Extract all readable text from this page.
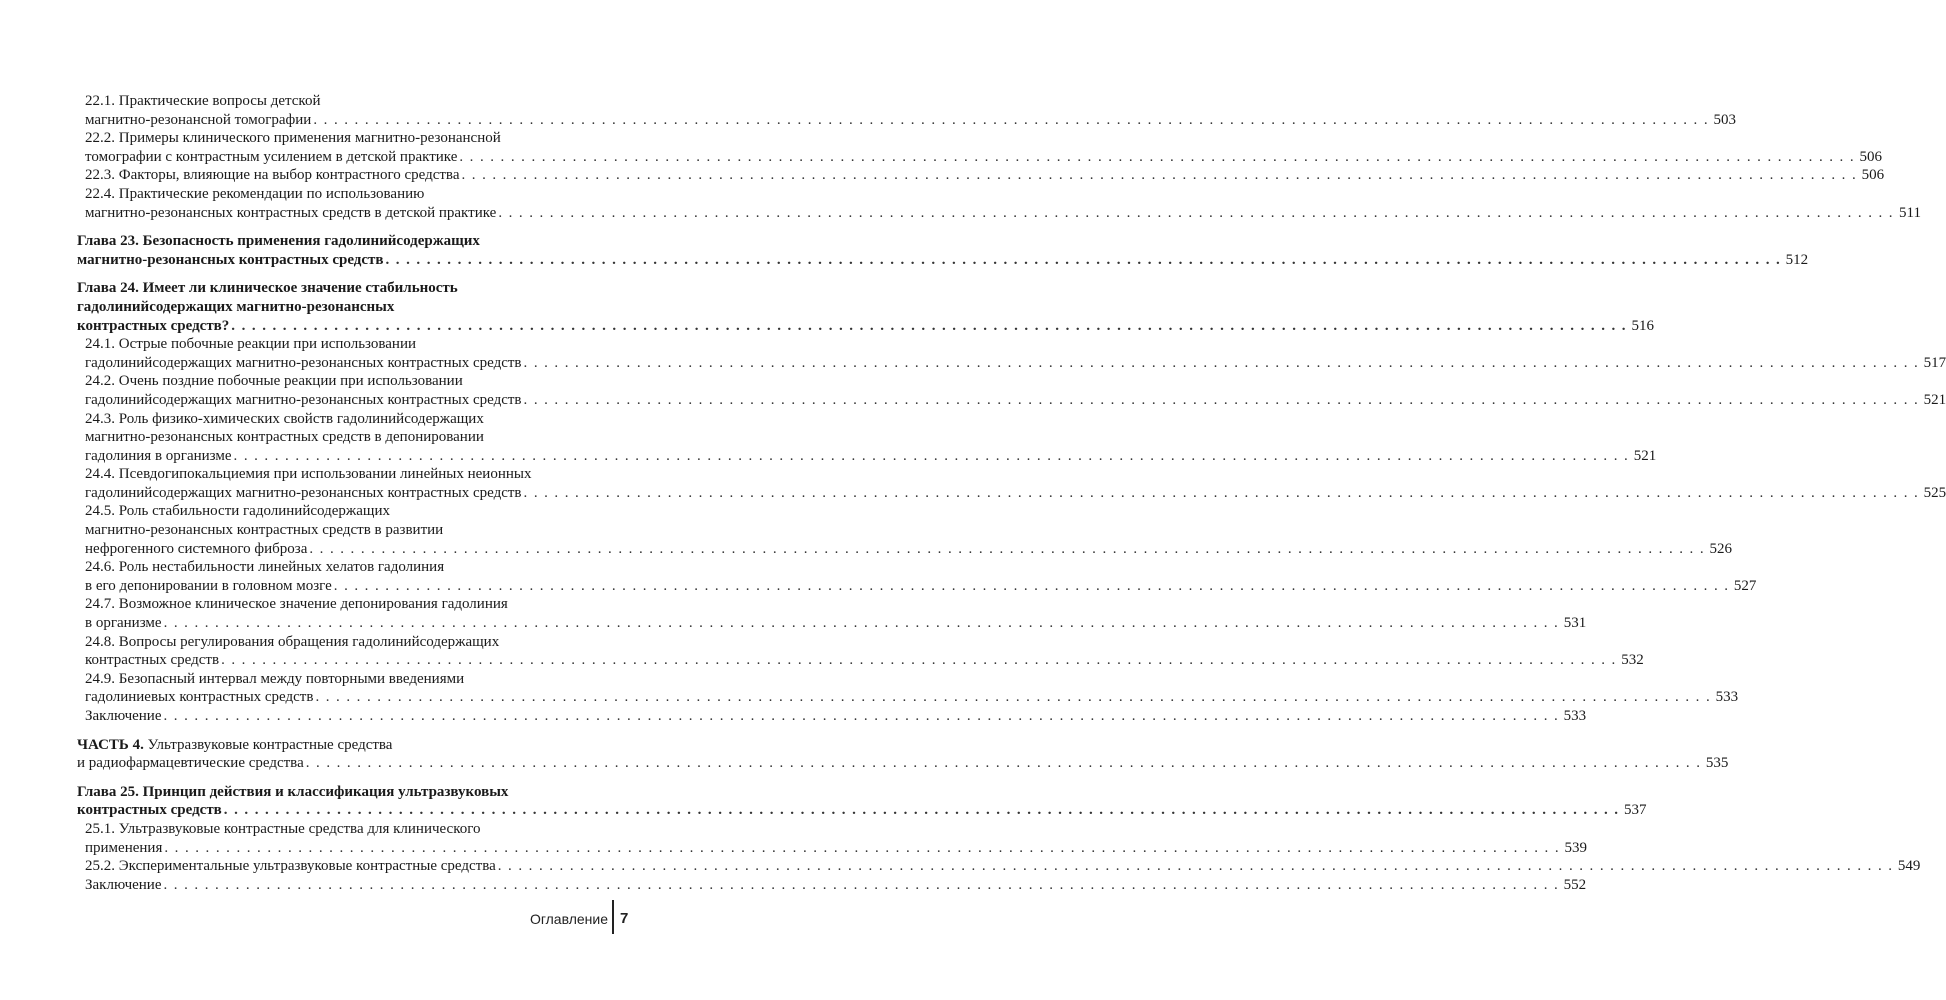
22.1. Практические вопросы детской
магнитно-резонансной томографии . . .	503
22.2. Примеры клинического применения магнитно-резонансной
томографии с контрастным усилением в детской практике . . .	506
22.3. Факторы, влияющие на выбор контрастного средства . . .	506
22.4. Практические рекомендации по использованию
магнитно-резонансных контрастных средств в детской практике . . .	511
Глава 23. Безопасность применения гадолинийсодержащих
магнитно-резонансных контрастных средств . . .	512
Глава 24. Имеет ли клиническое значение стабильность
гадолинийсодержащих магнитно-резонансных
контрастных средств? . . .	516
24.1. Острые побочные реакции при использовании
гадолинийсодержащих магнитно-резонансных контрастных средств . . .	517
24.2. Очень поздние побочные реакции при использовании
гадолинийсодержащих магнитно-резонансных контрастных средств . . .	521
24.3. Роль физико-химических свойств гадолинийсодержащих
магнитно-резонансных контрастных средств в депонировании
гадолиния в организме . . .	521
24.4. Псевдогипокальциемия при использовании линейных неионных
гадолинийсодержащих магнитно-резонансных контрастных средств . . .	525
24.5. Роль стабильности гадолинийсодержащих
магнитно-резонансных контрастных средств в развитии
нефрогенного системного фиброза . . .	526
24.6. Роль нестабильности линейных хелатов гадолиния
в его депонировании в головном мозге . . .	527
24.7. Возможное клиническое значение депонирования гадолиния
в организме . . .	531
24.8. Вопросы регулирования обращения гадолинийсодержащих
контрастных средств . . .	532
24.9. Безопасный интервал между повторными введениями
гадолиниевых контрастных средств . . .	533
Заключение . . .	533
ЧАСТЬ 4. Ультразвуковые контрастные средства
и радиофармацевтические средства . . .	535
Глава 25. Принцип действия и классификация ультразвуковых
контрастных средств . . .	537
25.1. Ультразвуковые контрастные средства для клинического
применения . . .	539
25.2. Экспериментальные ультразвуковые контрастные средства . . .	549
Заключение . . .	552
Оглавление 7
